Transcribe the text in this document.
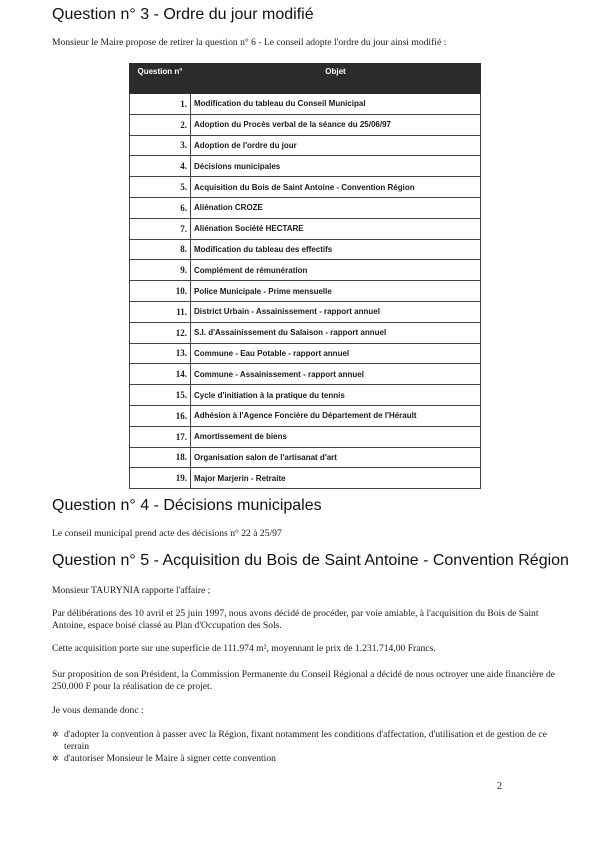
Question n° 3 - Ordre du jour modifié

Monsieur le Maire propose de retirer la question n° 6 - Le conseil adopte l'ordre du jour ainsi modifié :

Question n°	Objet
1.	Modification du tableau du Conseil Municipal
2.	Adoption du Procès verbal de la séance du 25/06/97
3.	Adoption de l'ordre du jour
4.	Décisions municipales
5.	Acquisition du Bois de Saint Antoine - Convention Région
6.	Aliénation CROZE
7.	Aliénation Société HECTARE
8.	Modification du tableau des effectifs
9.	Complément de rémunération
10.	Police Municipale - Prime mensuelle
11.	District Urbain - Assainissement - rapport annuel
12.	S.I. d'Assainissement du Salaison - rapport annuel
13.	Commune - Eau Potable - rapport annuel
14.	Commune - Assainissement - rapport annuel
15.	Cycle d'initiation à la pratique du tennis
16.	Adhésion à l'Agence Foncière du Département de l'Hérault
17.	Amortissement de biens
18.	Organisation salon de l'artisanat d'art
19.	Major Marjerin - Retraite
Question n° 4 - Décisions municipales

Le conseil municipal prend acte des décisions n° 22 à 25/97

Question n° 5 - Acquisition du Bois de Saint Antoine - Convention Région

Monsieur TAURYNIA rapporte l'affaire ;

Par délibérations des 10 avril et 25 juin 1997, nous avons décidé de procéder, par voie amiable, à l'acquisition du Bois de Saint Antoine, espace boisé classé au Plan d'Occupation des Sols.

Cette acquisition porte sur une superficie de 111.974 m², moyennant le prix de 1.231.714,00 Francs.

Sur proposition de son Président, la Commission Permanente du Conseil Régional a décidé de nous octroyer une aide financière de 250.000 F pour la réalisation de ce projet.

Je vous demande donc :

✲ d'adopter la convention à passer avec la Région, fixant notamment les conditions d'affectation, d'utilisation et de gestion de ce terrain
✲ d'autoriser Monsieur le Maire à signer cette convention
2
